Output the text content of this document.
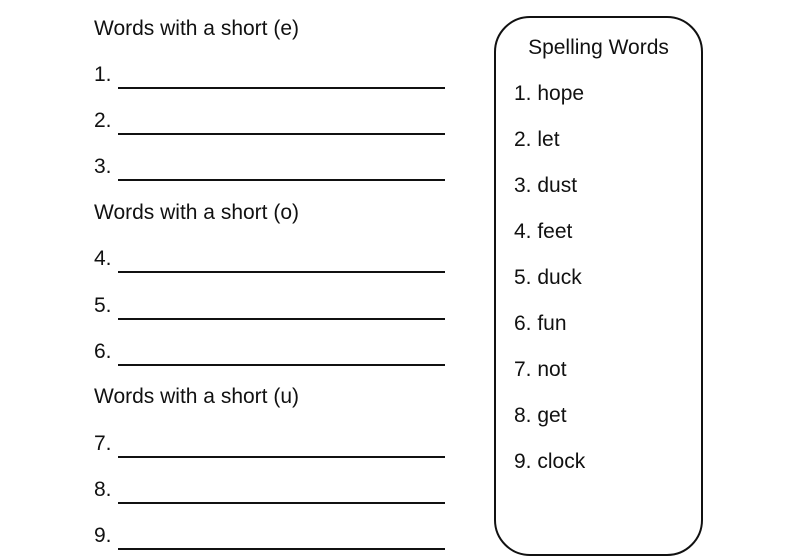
Words with a short (e)
1.
2.
3.
Words with a short (o)
4.
5.
6.
Words with a short (u)
7.
8.
9.
Spelling Words
1. hope
2. let
3. dust
4. feet
5. duck
6. fun
7. not
8. get
9. clock
